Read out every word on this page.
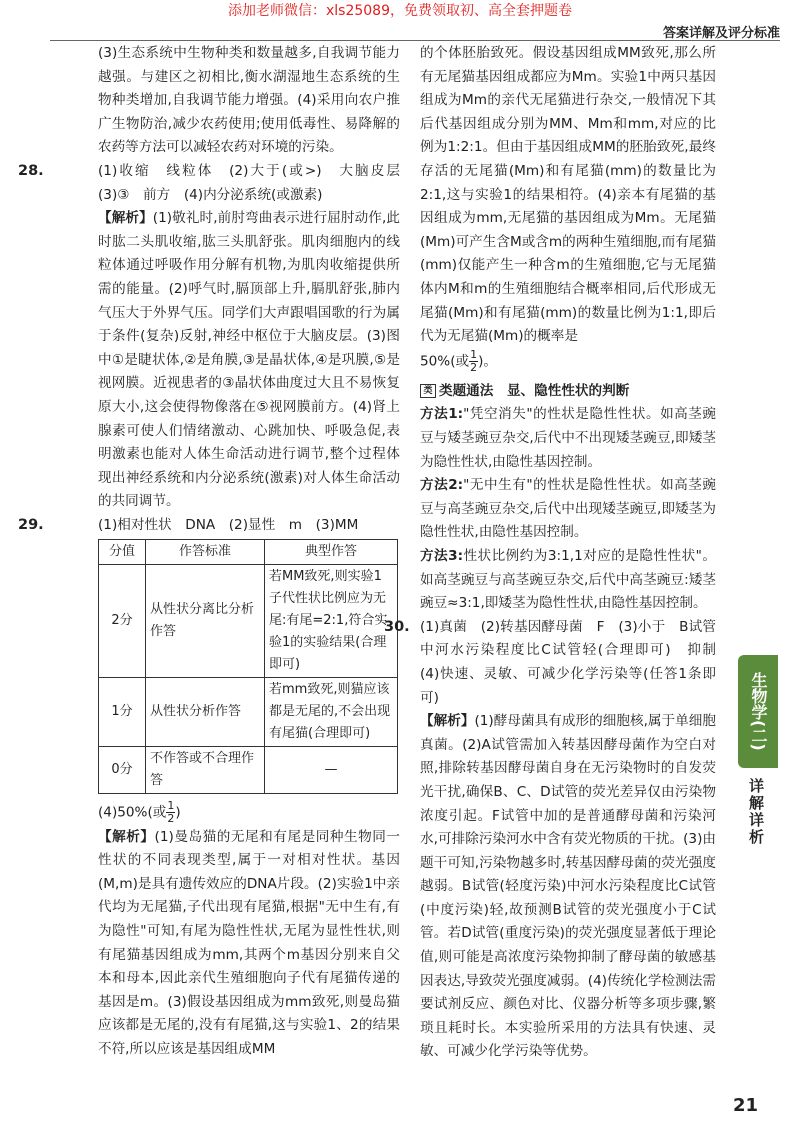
添加老师微信：xls25089，免费领取初、高全套押题卷
答案详解及评分标准

(3)生态系统中生物种类和数量越多,自我调节能力越强。与建区之初相比,衡水湖湿地生态系统的生物种类增加,自我调节能力增强。(4)采用向农户推广生物防治,减少农药使用;使用低毒性、易降解的农药等方法可以减轻农药对环境的污染。

28.	(1)收缩　线粒体　(2)大于(或>)　大脑皮层　(3)③　前方　(4)内分泌系统(或激素)

【解析】(1)敬礼时,前肘弯曲表示进行屈肘动作,此时肱二头肌收缩,肱三头肌舒张。肌肉细胞内的线粒体通过呼吸作用分解有机物,为肌肉收缩提供所需的能量。(2)呼气时,膈顶部上升,膈肌舒张,肺内气压大于外界气压。同学们大声跟唱国歌的行为属于条件(复杂)反射,神经中枢位于大脑皮层。(3)图中①是睫状体,②是角膜,③是晶状体,④是巩膜,⑤是视网膜。近视患者的③晶状体曲度过大且不易恢复原大小,这会使得物像落在⑤视网膜前方。(4)肾上腺素可使人们情绪激动、心跳加快、呼吸急促,表明激素也能对人体生命活动进行调节,整个过程体现出神经系统和内分泌系统(激素)对人体生命活动的共同调节。

29.	(1)相对性状　DNA　(2)显性　m　(3)MM

分值	作答标准	典型作答
2分	从性状分离比分析作答	若MM致死,则实验1子代性状比例应为无尾:有尾=2:1,符合实验1的实验结果(合理即可)
1分	从性状分析作答	若mm致死,则猫应该都是无尾的,不会出现有尾猫(合理即可)
0分	不作答或不合理作答	—

(4)50%(或 $\frac{1}{2}$ )

【解析】(1)曼岛猫的无尾和有尾是同种生物同一性状的不同表现类型,属于一对相对性状。基因(M,m)是具有遗传效应的DNA片段。(2)实验1中亲代均为无尾猫,子代出现有尾猫,根据"无中生有,有为隐性"可知,有尾为隐性性状,无尾为显性性状,则有尾猫基因组成为mm,其两个m基因分别来自父本和母本,因此亲代生殖细胞向子代有尾猫传递的基因是m。(3)假设基因组成为mm致死,则曼岛猫应该都是无尾的,没有有尾猫,这与实验1、2的结果不符,所以应该是基因组成MM

的个体胚胎致死。假设基因组成MM致死,那么所有无尾猫基因组成都应为Mm。实验1中两只基因组成为Mm的亲代无尾猫进行杂交,一般情况下其后代基因组成分别为MM、Mm和mm,对应的比例为1:2:1。但由于基因组成MM的胚胎致死,最终存活的无尾猫(Mm)和有尾猫(mm)的数量比为2:1,这与实验1的结果相符。(4)亲本有尾猫的基因组成为mm,无尾猫的基因组成为Mm。无尾猫(Mm)可产生含M或含m的两种生殖细胞,而有尾猫(mm)仅能产生一种含m的生殖细胞,它与无尾猫体内M和m的生殖细胞结合概率相同,后代形成无尾猫(Mm)和有尾猫(mm)的数量比例为1:1,即后代为无尾猫(Mm)的概率是

50%(或 $\frac{1}{2}$ )。

类 类题通法　显、隐性性状的判断

方法1:"凭空消失"的性状是隐性性状。如高茎豌豆与矮茎豌豆杂交,后代中不出现矮茎豌豆,即矮茎为隐性性状,由隐性基因控制。

方法2:"无中生有"的性状是隐性性状。如高茎豌豆与高茎豌豆杂交,后代中出现矮茎豌豆,即矮茎为隐性性状,由隐性基因控制。

方法3:性状比例约为3:1,1对应的是隐性性状"。如高茎豌豆与高茎豌豆杂交,后代中高茎豌豆:矮茎豌豆≈3:1,即矮茎为隐性性状,由隐性基因控制。

30. (1)真菌　(2)转基因酵母菌　F　(3)小于　B试管中河水污染程度比C试管轻(合理即可)　抑制　(4)快速、灵敏、可减少化学污染等(任答1条即可)

【解析】(1)酵母菌具有成形的细胞核,属于单细胞真菌。(2)A试管需加入转基因酵母菌作为空白对照,排除转基因酵母菌自身在无污染物时的自发荧光干扰,确保B、C、D试管的荧光差异仅由污染物浓度引起。F试管中加的是普通酵母菌和污染河水,可排除污染河水中含有荧光物质的干扰。(3)由题干可知,污染物越多时,转基因酵母菌的荧光强度越弱。B试管(轻度污染)中河水污染程度比C试管(中度污染)轻,故预测B试管的荧光强度小于C试管。若D试管(重度污染)的荧光强度显著低于理论值,则可能是高浓度污染物抑制了酵母菌的敏感基因表达,导致荧光强度减弱。(4)传统化学检测法需要试剂反应、颜色对比、仪器分析等多项步骤,繁琐且耗时长。本实验所采用的方法具有快速、灵敏、可减少化学污染等优势。

生物学(二)
详解详析
21
